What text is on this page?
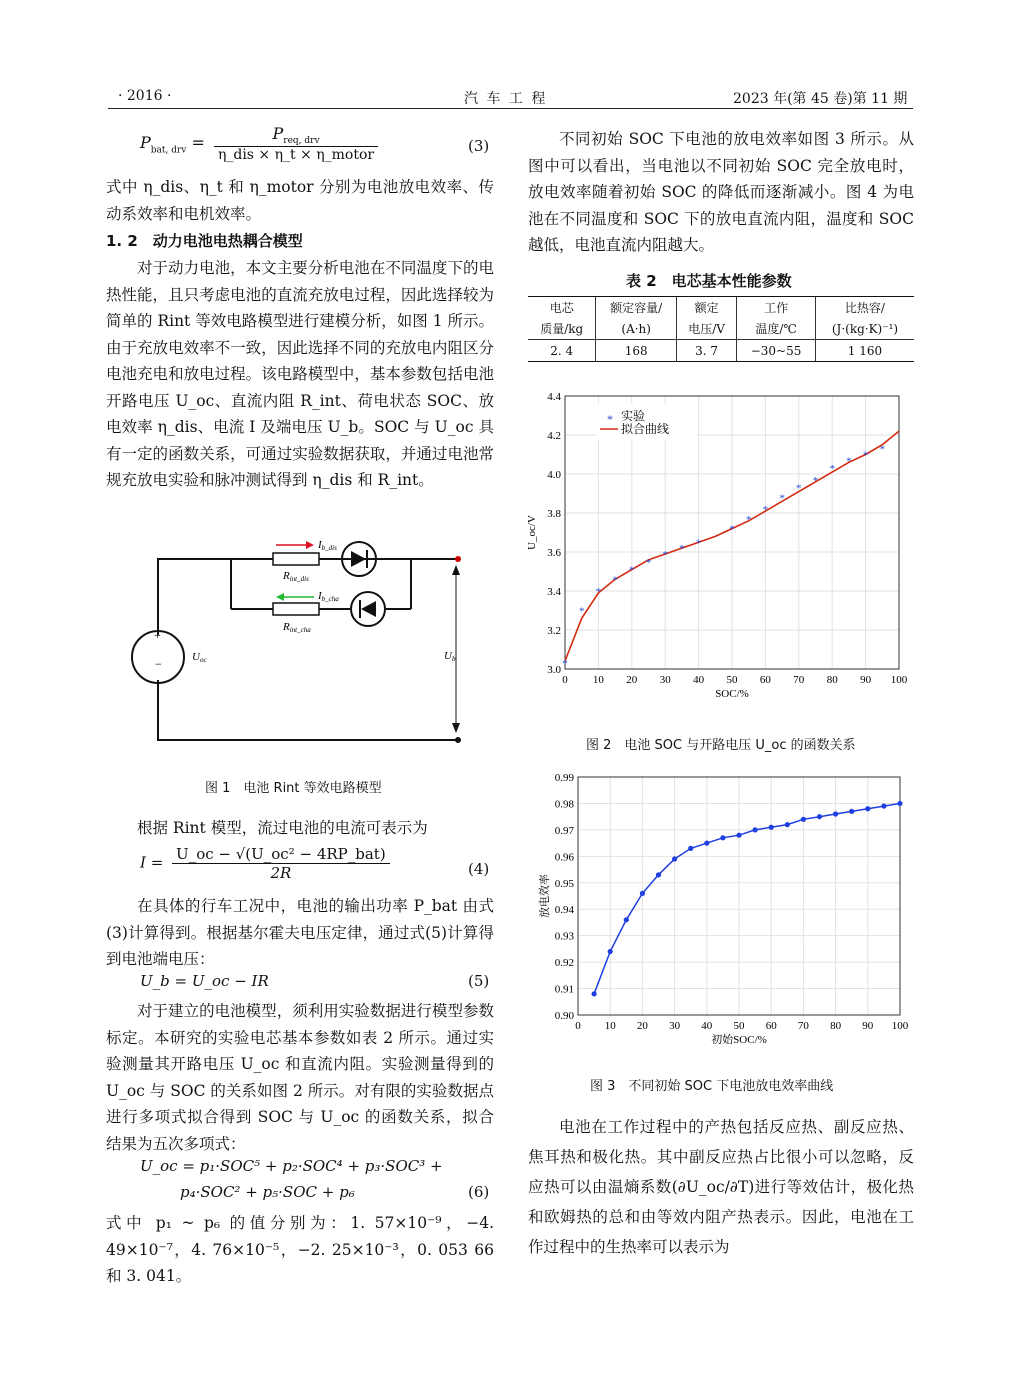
· 2016 ·	汽 车 工 程	2023 年(第 45 卷)第 11 期
$P_{bat, drv} = \frac{P_{req, drv}}{\text{η\_dis × η\_t × η\_motor}}$	(3)
式中 η_dis、η_t 和 η_motor 分别为电池放电效率、传动系效率和电机效率。
1. 2　动力电池电热耦合模型
对于动力电池，本文主要分析电池在不同温度下的电热性能，且只考虑电池的直流充放电过程，因此选择较为简单的 Rint 等效电路模型进行建模分析，如图 1 所示。由于充放电效率不一致，因此选择不同的充放电内阻区分电池充电和放电过程。该电路模型中，基本参数包括电池开路电压 U_oc、直流内阻 R_int、荷电状态 SOC、放电效率 η_dis、电流 I 及端电压 U_b。SOC 与 U_oc 具有一定的函数关系，可通过实验数据获取，并通过电池常规充放电实验和脉冲测试得到 η_dis 和 R_int。
Ib_dis
Rint_dis
Ib_cha
Rint_cha
+
−	Uoc	Ub
图 1　电池 Rint 等效电路模型
根据 Rint 模型，流过电池的电流可表示为
$I = \frac{\text{U\_oc − √(U\_oc² − 4RP\_bat)}}{2R}$	(4)
在具体的行车工况中，电池的输出功率 P_bat 由式(3)计算得到。根据基尔霍夫电压定律，通过式(5)计算得到电池端电压：
U_b = U_oc − IR	(5)
对于建立的电池模型，须利用实验数据进行模型参数标定。本研究的实验电芯基本参数如表 2 所示。通过实验测量其开路电压 U_oc 和直流内阻。实验测量得到的 U_oc 与 SOC 的关系如图 2 所示。对有限的实验数据点进行多项式拟合得到 SOC 与 U_oc 的函数关系，拟合结果为五次多项式：
U_oc = p₁·SOC⁵ + p₂·SOC⁴ + p₃·SOC³ +
p₄·SOC² + p₅·SOC + p₆	(6)
式中 p₁ ~ p₆ 的值分别为：1. 57×10⁻⁹，−4. 49×10⁻⁷，4. 76×10⁻⁵，−2. 25×10⁻³，0. 053 66 和 3. 041。
不同初始 SOC 下电池的放电效率如图 3 所示。从图中可以看出，当电池以不同初始 SOC 完全放电时，放电效率随着初始 SOC 的降低而逐渐减小。图 4 为电池在不同温度和 SOC 下的放电直流内阻，温度和 SOC 越低，电池直流内阻越大。
表 2　电芯基本性能参数
电芯	额定容量/	额定	工作	比热容/
质量/kg	(A·h)	电压/V	温度/℃	(J·(kg·K)⁻¹)
2. 4	168	3. 7	−30~55	1 160
0 10 20 30 40 50 60 70 80 90 100
3.0
3.2
3.4
3.6
3.8
4.0
4.2
4.4
SOC/%
U_oc/V
*
*
*
*
*
*
* * *
*
*
*
*
*
*
*
* * *
* 实验
拟合曲线
图 2　电池 SOC 与开路电压 U_oc 的函数关系
0 10 20 30 40 50 60 70 80 90 100
0.90
0.91
0.92
0.93
0.94
0.95
0.96
0.97
0.98
0.99
初始SOC/%
放电效率
图 3　不同初始 SOC 下电池放电效率曲线
电池在工作过程中的产热包括反应热、副反应热、焦耳热和极化热。其中副反应热占比很小可以忽略，反应热可以由温熵系数(∂U_oc/∂T)进行等效估计，极化热和欧姆热的总和由等效内阻产热表示。因此，电池在工作过程中的生热率可以表示为
